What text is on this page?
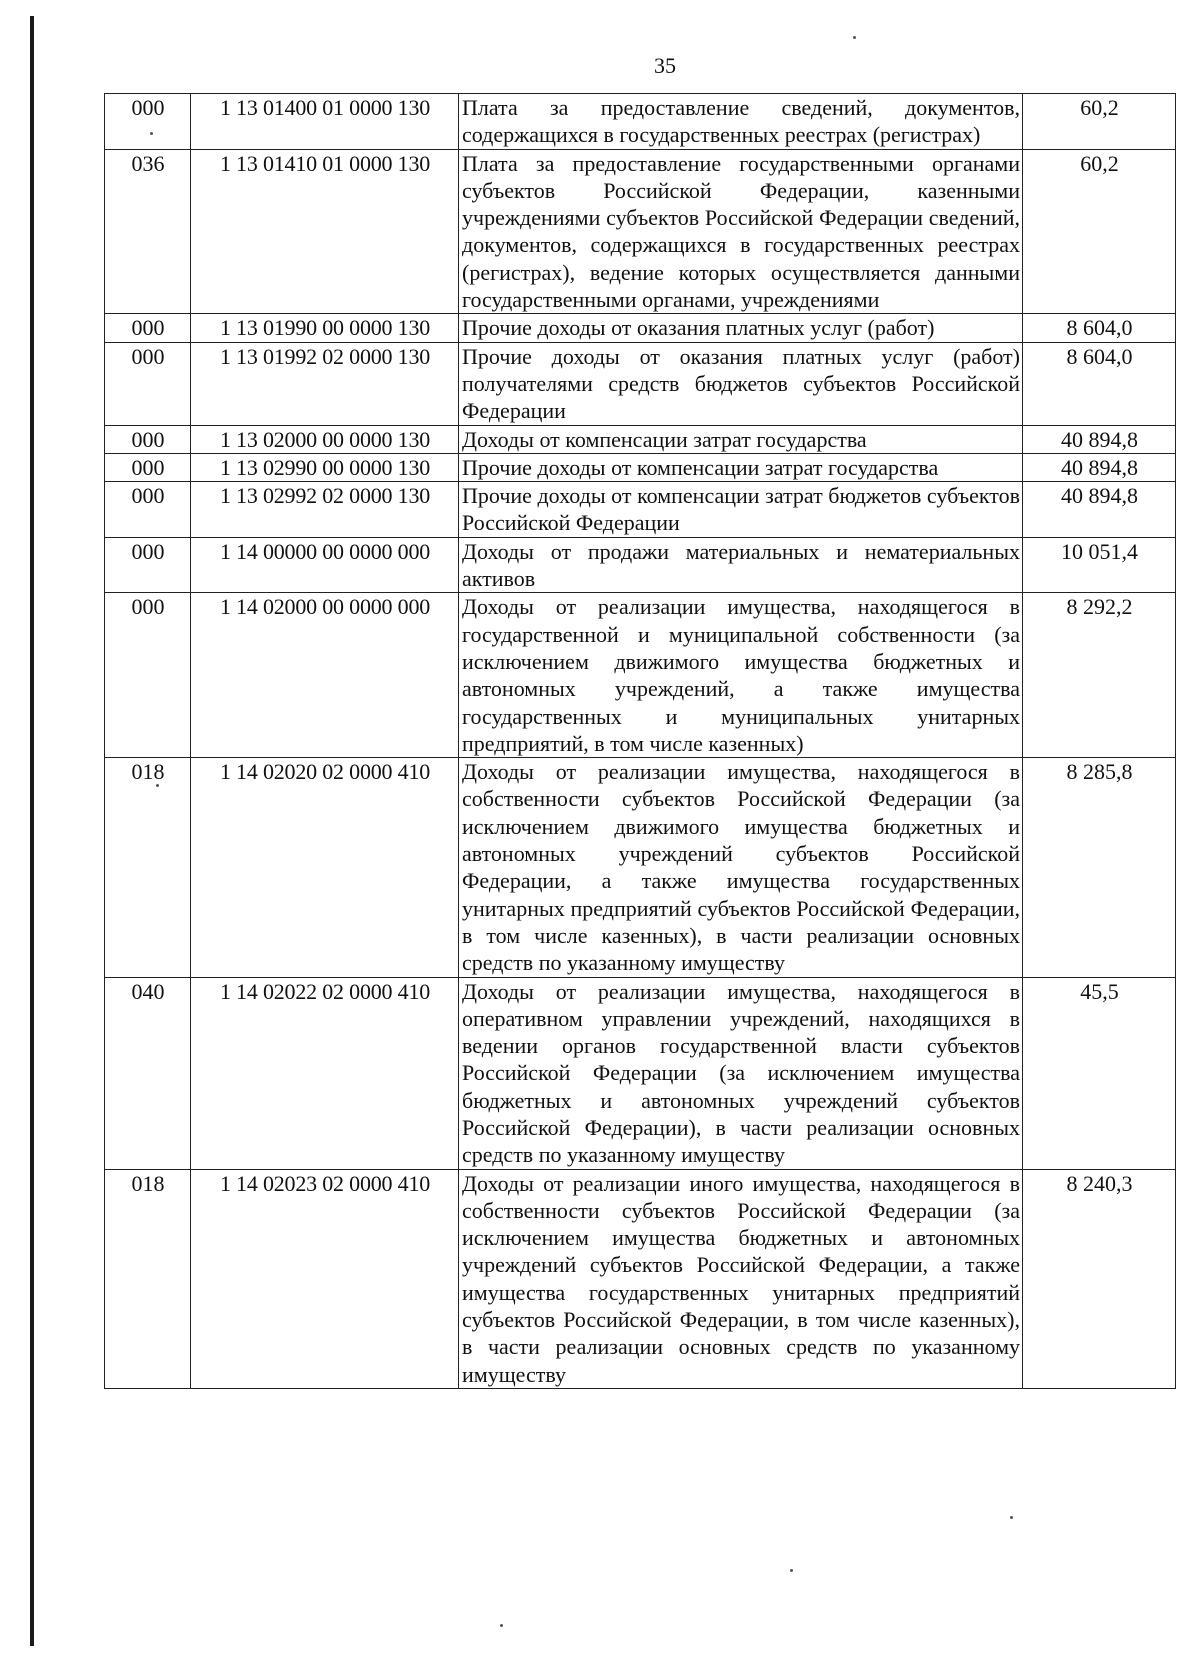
35
000	1 13 01400 01 0000 130	Плата за предоставление сведений, документов, содержащихся в государственных реестрах (регистрах)	60,2
036	1 13 01410 01 0000 130	Плата за предоставление государственными органами субъектов Российской Федерации, казенными учреждениями субъектов Российской Федерации сведений, документов, содержащихся в государственных реестрах (регистрах), ведение которых осуществляется данными государственными органами, учреждениями	60,2
000	1 13 01990 00 0000 130	Прочие доходы от оказания платных услуг (работ)	8 604,0
000	1 13 01992 02 0000 130	Прочие доходы от оказания платных услуг (работ) получателями средств бюджетов субъектов Российской Федерации	8 604,0
000	1 13 02000 00 0000 130	Доходы от компенсации затрат государства	40 894,8
000	1 13 02990 00 0000 130	Прочие доходы от компенсации затрат государства	40 894,8
000	1 13 02992 02 0000 130	Прочие доходы от компенсации затрат бюджетов субъектов Российской Федерации	40 894,8
000	1 14 00000 00 0000 000	Доходы от продажи материальных и нематериальных активов	10 051,4
000	1 14 02000 00 0000 000	Доходы от реализации имущества, находящегося в государственной и муниципальной собственности (за исключением движимого имущества бюджетных и автономных учреждений, а также имущества государственных и муниципальных унитарных предприятий, в том числе казенных)	8 292,2
018	1 14 02020 02 0000 410	Доходы от реализации имущества, находящегося в собственности субъектов Российской Федерации (за исключением движимого имущества бюджетных и автономных учреждений субъектов Российской Федерации, а также имущества государственных унитарных предприятий субъектов Российской Федерации, в том числе казенных), в части реализации основных средств по указанному имуществу	8 285,8
040	1 14 02022 02 0000 410	Доходы от реализации имущества, находящегося в оперативном управлении учреждений, находящихся в ведении органов государственной власти субъектов Российской Федерации (за исключением имущества бюджетных и автономных учреждений субъектов Российской Федерации), в части реализации основных средств по указанному имуществу	45,5
018	1 14 02023 02 0000 410	Доходы от реализации иного имущества, находящегося в собственности субъектов Российской Федерации (за исключением имущества бюджетных и автономных учреждений субъектов Российской Федерации, а также имущества государственных унитарных предприятий субъектов Российской Федерации, в том числе казенных), в части реализации основных средств по указанному имуществу	8 240,3
